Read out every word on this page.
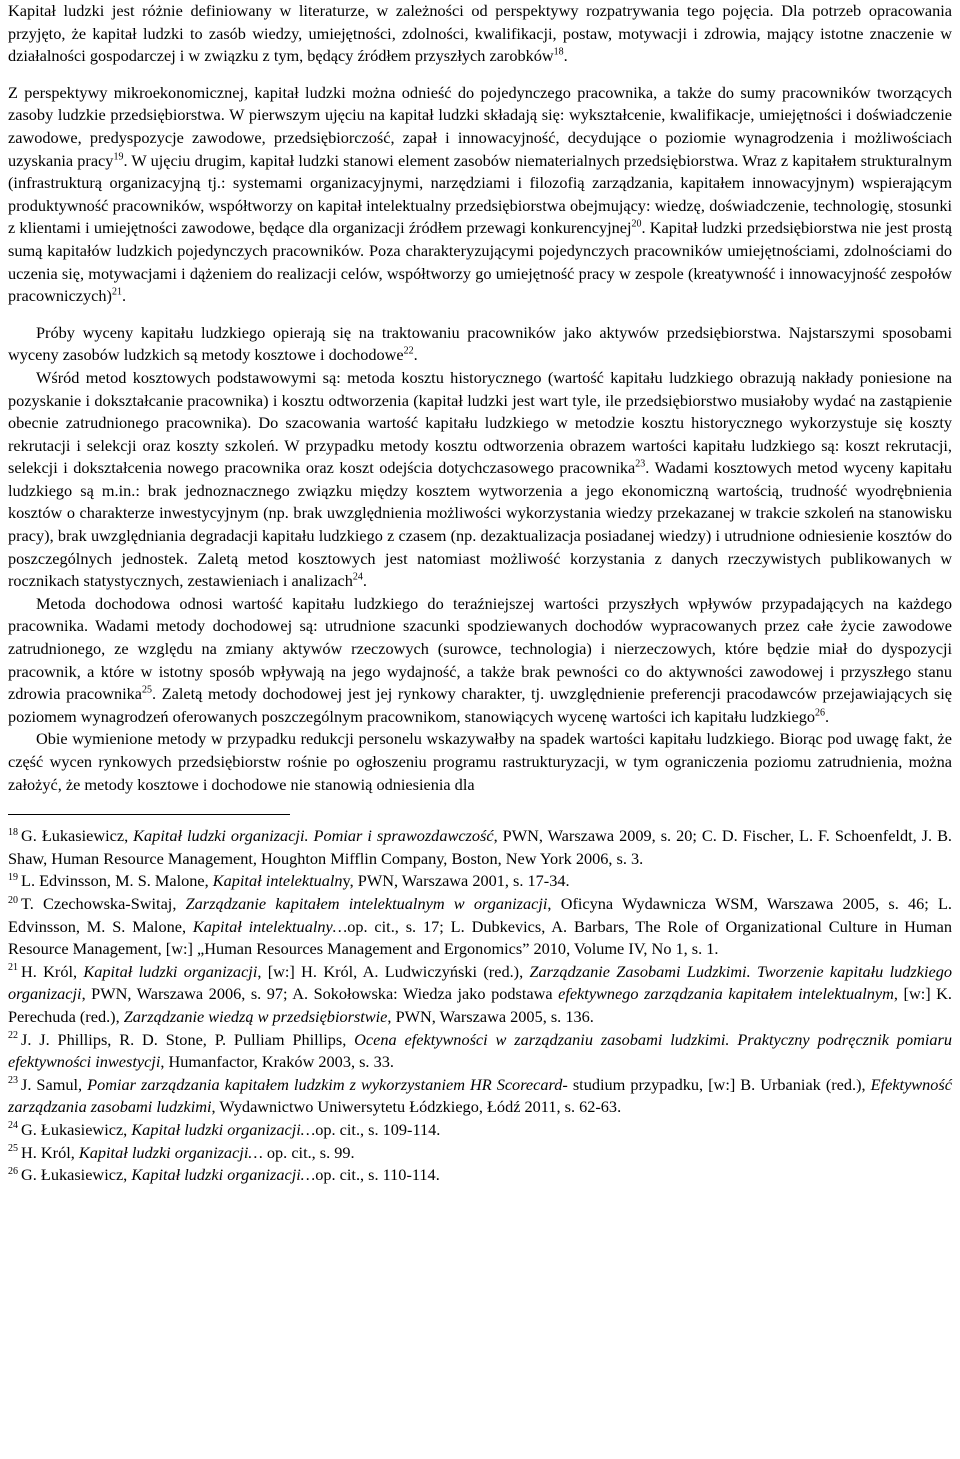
Kapitał ludzki jest różnie definiowany w literaturze, w zależności od perspektywy rozpatrywania tego pojęcia. Dla potrzeb opracowania przyjęto, że kapitał ludzki to zasób wiedzy, umiejętności, zdolności, kwalifikacji, postaw, motywacji i zdrowia, mający istotne znaczenie w działalności gospodarczej i w związku z tym, będący źródłem przyszłych zarobków$^{18}$.

Z perspektywy mikroekonomicznej, kapitał ludzki można odnieść do pojedynczego pracownika, a także do sumy pracowników tworzących zasoby ludzkie przedsiębiorstwa. W pierwszym ujęciu na kapitał ludzki składają się: wykształcenie, kwalifikacje, umiejętności i doświadczenie zawodowe, predyspozycje zawodowe, przedsiębiorczość, zapał i innowacyjność, decydujące o poziomie wynagrodzenia i możliwościach uzyskania pracy$^{19}$. W ujęciu drugim, kapitał ludzki stanowi element zasobów niematerialnych przedsiębiorstwa. Wraz z kapitałem strukturalnym (infrastrukturą organizacyjną tj.: systemami organizacyjnymi, narzędziami i filozofią zarządzania, kapitałem innowacyjnym) wspierającym produktywność pracowników, współtworzy on kapitał intelektualny przedsiębiorstwa obejmujący: wiedzę, doświadczenie, technologię, stosunki z klientami i umiejętności zawodowe, będące dla organizacji źródłem przewagi konkurencyjnej$^{20}$. Kapitał ludzki przedsiębiorstwa nie jest prostą sumą kapitałów ludzkich pojedynczych pracowników. Poza charakteryzującymi pojedynczych pracowników umiejętnościami, zdolnościami do uczenia się, motywacjami i dążeniem do realizacji celów, współtworzy go umiejętność pracy w zespole (kreatywność i innowacyjność zespołów pracowniczych)$^{21}$.

Próby wyceny kapitału ludzkiego opierają się na traktowaniu pracowników jako aktywów przedsiębiorstwa. Najstarszymi sposobami wyceny zasobów ludzkich są metody kosztowe i dochodowe$^{22}$.

Wśród metod kosztowych podstawowymi są: metoda kosztu historycznego (wartość kapitału ludzkiego obrazują nakłady poniesione na pozyskanie i dokształcanie pracownika) i kosztu odtworzenia (kapitał ludzki jest wart tyle, ile przedsiębiorstwo musiałoby wydać na zastąpienie obecnie zatrudnionego pracownika). Do szacowania wartość kapitału ludzkiego w metodzie kosztu historycznego wykorzystuje się koszty rekrutacji i selekcji oraz koszty szkoleń. W przypadku metody kosztu odtworzenia obrazem wartości kapitału ludzkiego są: koszt rekrutacji, selekcji i dokształcenia nowego pracownika oraz koszt odejścia dotychczasowego pracownika$^{23}$. Wadami kosztowych metod wyceny kapitału ludzkiego są m.in.: brak jednoznacznego związku między kosztem wytworzenia a jego ekonomiczną wartością, trudność wyodrębnienia kosztów o charakterze inwestycyjnym (np. brak uwzględnienia możliwości wykorzystania wiedzy przekazanej w trakcie szkoleń na stanowisku pracy), brak uwzględniania degradacji kapitału ludzkiego z czasem (np. dezaktualizacja posiadanej wiedzy) i utrudnione odniesienie kosztów do poszczególnych jednostek. Zaletą metod kosztowych jest natomiast możliwość korzystania z danych rzeczywistych publikowanych w rocznikach statystycznych, zestawieniach i analizach$^{24}$.

Metoda dochodowa odnosi wartość kapitału ludzkiego do teraźniejszej wartości przyszłych wpływów przypadających na każdego pracownika. Wadami metody dochodowej są: utrudnione szacunki spodziewanych dochodów wypracowanych przez całe życie zawodowe zatrudnionego, ze względu na zmiany aktywów rzeczowych (surowce, technologia) i nierzeczowych, które będzie miał do dyspozycji pracownik, a które w istotny sposób wpływają na jego wydajność, a także brak pewności co do aktywności zawodowej i przyszłego stanu zdrowia pracownika$^{25}$. Zaletą metody dochodowej jest jej rynkowy charakter, tj. uwzględnienie preferencji pracodawców przejawiających się poziomem wynagrodzeń oferowanych poszczególnym pracownikom, stanowiących wycenę wartości ich kapitału ludzkiego$^{26}$.

Obie wymienione metody w przypadku redukcji personelu wskazywałby na spadek wartości kapitału ludzkiego. Biorąc pod uwagę fakt, że część wycen rynkowych przedsiębiorstw rośnie po ogłoszeniu programu rastrukturyzacji, w tym ograniczenia poziomu zatrudnienia, można założyć, że metody kosztowe i dochodowe nie stanowią odniesienia dla

$^{18}$ G. Łukasiewicz, Kapitał ludzki organizacji. Pomiar i sprawozdawczość, PWN, Warszawa 2009, s. 20; C. D. Fischer, L. F. Schoenfeldt, J. B. Shaw, Human Resource Management, Houghton Mifflin Company, Boston, New York 2006, s. 3.

$^{19}$ L. Edvinsson, M. S. Malone, Kapitał intelektualny, PWN, Warszawa 2001, s. 17-34.

$^{20}$ T. Czechowska-Switaj, Zarządzanie kapitałem intelektualnym w organizacji, Oficyna Wydawnicza WSM, Warszawa 2005, s. 46; L. Edvinsson, M. S. Malone, Kapitał intelektualny…op. cit., s. 17; L. Dubkevics, A. Barbars, The Role of Organizational Culture in Human Resource Management, [w:] „Human Resources Management and Ergonomics” 2010, Volume IV, No 1, s. 1.

$^{21}$ H. Król, Kapitał ludzki organizacji, [w:] H. Król, A. Ludwiczyński (red.), Zarządzanie Zasobami Ludzkimi. Tworzenie kapitału ludzkiego organizacji, PWN, Warszawa 2006, s. 97; A. Sokołowska: Wiedza jako podstawa efektywnego zarządzania kapitałem intelektualnym, [w:] K. Perechuda (red.), Zarządzanie wiedzą w przedsiębiorstwie, PWN, Warszawa 2005, s. 136.

$^{22}$ J. J. Phillips, R. D. Stone, P. Pulliam Phillips, Ocena efektywności w zarządzaniu zasobami ludzkimi. Praktyczny podręcznik pomiaru efektywności inwestycji, Humanfactor, Kraków 2003, s. 33.

$^{23}$ J. Samul, Pomiar zarządzania kapitałem ludzkim z wykorzystaniem HR Scorecard- studium przypadku, [w:] B. Urbaniak (red.), Efektywność zarządzania zasobami ludzkimi, Wydawnictwo Uniwersytetu Łódzkiego, Łódź 2011, s. 62-63.

$^{24}$ G. Łukasiewicz, Kapitał ludzki organizacji…op. cit., s. 109-114.

$^{25}$ H. Król, Kapitał ludzki organizacji… op. cit., s. 99.

$^{26}$ G. Łukasiewicz, Kapitał ludzki organizacji…op. cit., s. 110-114.
